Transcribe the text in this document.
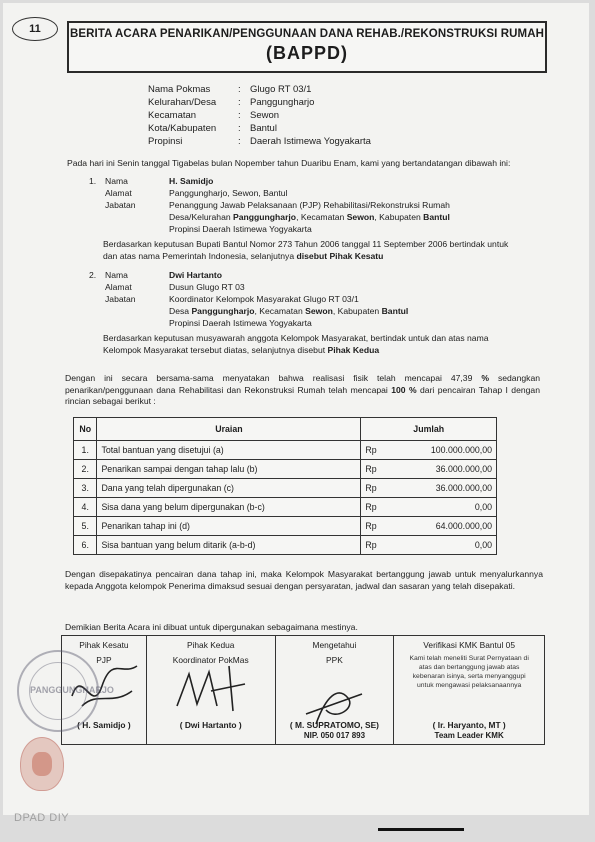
11	BERITA ACARA PENARIKAN/PENGGUNAAN DANA REHAB./REKONSTRUKSI RUMAH
(BAPPD)
Nama Pokmas	: Glugo RT 03/1
Kelurahan/Desa	: Panggungharjo
Kecamatan	: Sewon
Kota/Kabupaten	: Bantul
Propinsi	: Daerah Istimewa Yogyakarta
Pada hari ini Senin tanggal Tigabelas bulan Nopember tahun Duaribu Enam, kami yang bertandatangan dibawah ini:
1.	Nama	H. Samidjo
Alamat	Panggungharjo, Sewon, Bantul
Jabatan	Penanggung Jawab Pelaksanaan (PJP) Rehabilitasi/Rekonstruksi Rumah
Desa/Kelurahan Panggungharjo, Kecamatan Sewon, Kabupaten Bantul
Propinsi Daerah Istimewa Yogyakarta
Berdasarkan keputusan Bupati Bantul Nomor 273 Tahun 2006 tanggal 11 September 2006 bertindak untuk
dan atas nama Pemerintah Indonesia, selanjutnya disebut Pihak Kesatu
2.	Nama	Dwi Hartanto
Alamat	Dusun Glugo RT 03
Jabatan	Koordinator Kelompok Masyarakat Glugo RT 03/1
Desa Panggungharjo, Kecamatan Sewon, Kabupaten Bantul
Propinsi Daerah Istimewa Yogyakarta
Berdasarkan keputusan musyawarah anggota Kelompok Masyarakat, bertindak untuk dan atas nama
Kelompok Masyarakat tersebut diatas, selanjutnya disebut Pihak Kedua
Dengan ini secara bersama-sama menyatakan bahwa realisasi fisik telah mencapai 47,39 % sedangkan penarikan/penggunaan dana Rehabilitasi dan Rekonstruksi Rumah telah mencapai 100 % dari pencairan Tahap I dengan rincian sebagai berikut :
No	Uraian	Jumlah	
1.	Total bantuan yang disetujui (a)	Rp	100.000.000,00
2.	Penarikan sampai dengan tahap lalu (b)	Rp	36.000.000,00
3.	Dana yang telah dipergunakan (c)	Rp	36.000.000,00
4.	Sisa dana yang belum dipergunakan (b-c)	Rp	0,00
5.	Penarikan tahap ini (d)	Rp	64.000.000,00
6.	Sisa bantuan yang belum ditarik (a-b-d)	Rp	0,00
Dengan disepakatinya pencairan dana tahap ini, maka Kelompok Masyarakat bertanggung jawab untuk menyalurkannya kepada Anggota kelompok Penerima dimaksud sesuai dengan persyaratan, jadwal dan sasaran yang telah disepakati.
Demikian Berita Acara ini dibuat untuk dipergunakan sebagaimana mestinya.
Pihak Kesatu
PJP
( H. Samidjo )
Pihak Kedua
Koordinator PokMas
( Dwi Hartanto )
Mengetahui
PPK
( M. SUPRATOMO, SE)
NIP. 050 017 893
Verifikasi KMK Bantul 05
Kami telah meneliti Surat Pernyataan di atas dan bertanggung jawab atas kebenaran isinya, serta menyanggupi untuk mengawasi pelaksanaannya
( Ir. Haryanto, MT )
Team Leader KMK
PANGGUNGHARJO
DPAD DIY
